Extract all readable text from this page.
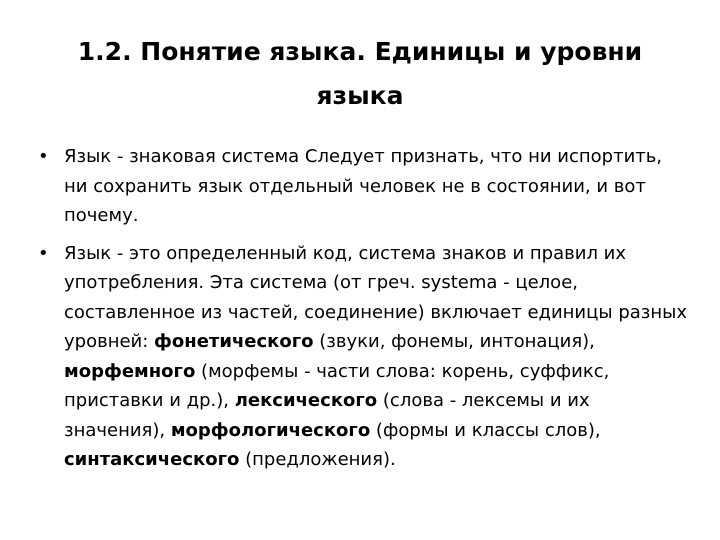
1.2. Понятие языка. Единицы и уровни языка
• Язык - знаковая система Следует признать, что ни испортить, ни сохранить язык отдельный человек не в состоянии, и вот почему.
• Язык - это определенный код, система знаков и правил их употребления. Эта система (от греч. systema - целое, составленное из частей, соединение) включает единицы разных уровней: фонетического (звуки, фонемы, интонация), морфемного (морфемы - части слова: корень, суффикс, приставки и др.), лексического (слова - лексемы и их значения), морфологического (формы и классы слов), синтаксического (предложения).
